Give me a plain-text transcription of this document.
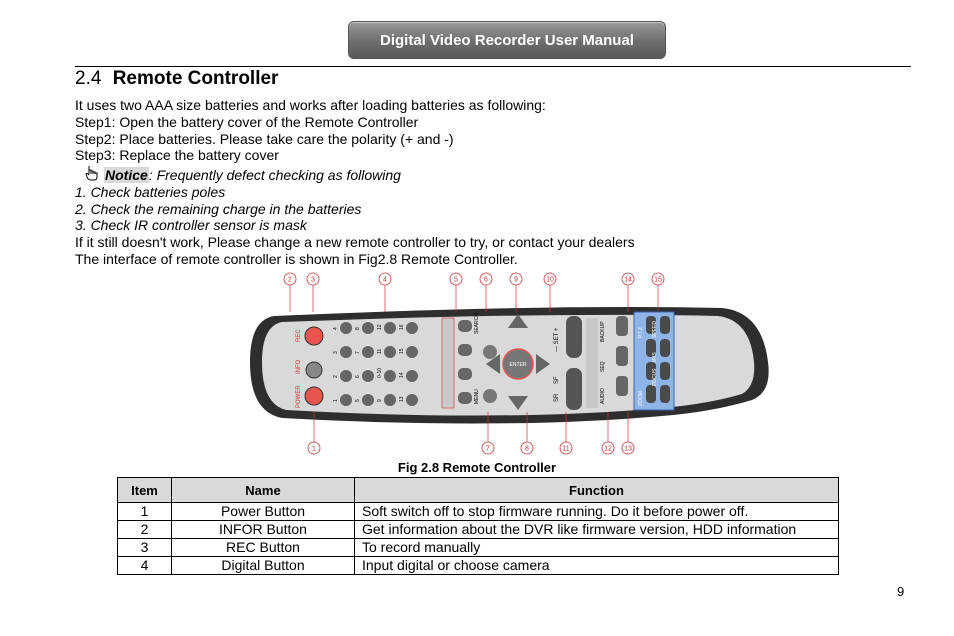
Digital Video Recorder User Manual
2.4 Remote Controller
It uses two AAA size batteries and works after loading batteries as following:
Step1: Open the battery cover of the Remote Controller
Step2: Place batteries. Please take care the polarity (+ and -)
Step3: Replace the battery cover
Notice: Frequently defect checking as following
1. Check batteries poles
2. Check the remaining charge in the batteries
3. Check IR controller sensor is mask
If it still doesn't work, Please change a new remote controller to try, or contact your dealers
The interface of remote controller is shown in Fig2.8 Remote Controller.
REC
INFO
POWER
4	8	12	16
3	7	11	15
2	6	0-10	14
1	5	9	13
SEARCH
MENU
ENTER
— SET +
SR
SF
BACKUP
SEQ
AUDIO
P.T.Z SPEED
IRIS
FOCUS
ZOOM
2	3	4	5	6	9	10	14	15
1	7	8	11	12 13
Fig 2.8 Remote Controller
Item	Name	Function
1	Power Button	Soft switch off to stop firmware running. Do it before power off.
2	INFOR Button	Get information about the DVR like firmware version, HDD information
3	REC Button	To record manually
4	Digital Button	Input digital or choose camera
9
